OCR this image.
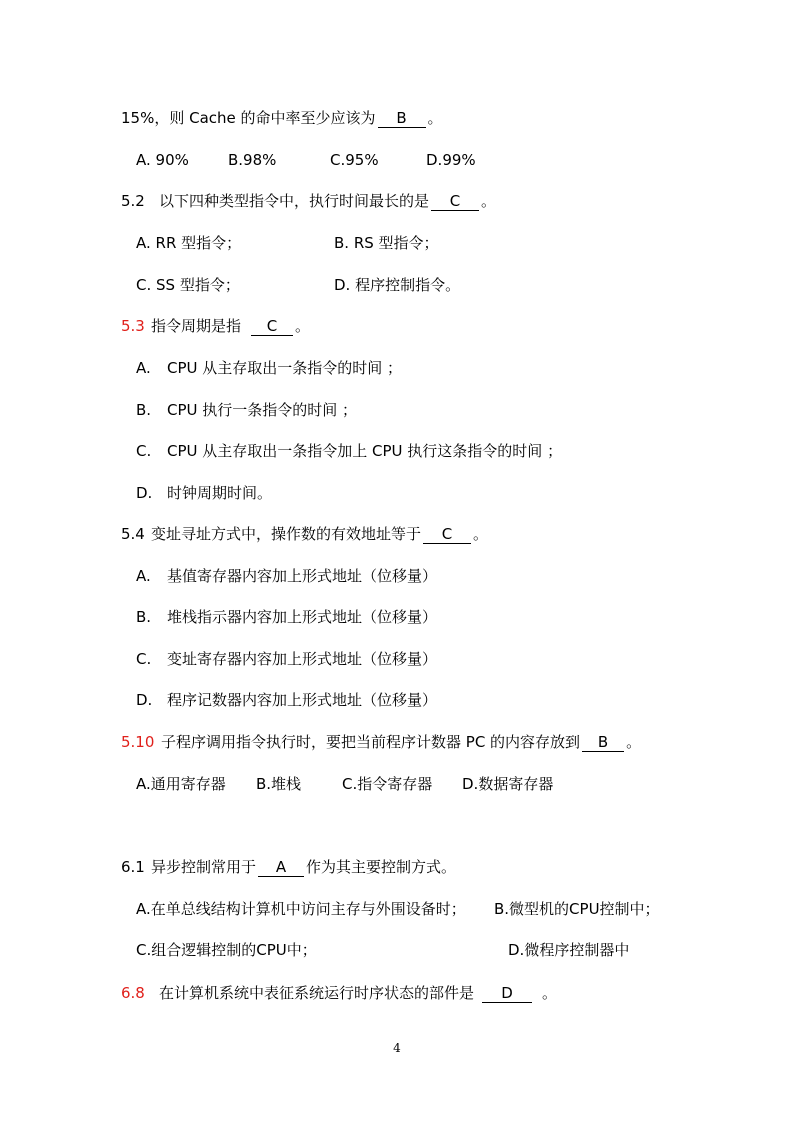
15%，则 Cache 的命中率至少应该为 B 。
A. 90%	B.98%	C.95%	D.99%
5.2 以下四种类型指令中，执行时间最长的是 C 。
A. RR 型指令；	B. RS 型指令；
C. SS 型指令；	D. 程序控制指令。
5.3 指令周期是指 C 。
A. CPU 从主存取出一条指令的时间 ；
B. CPU 执行一条指令的时间 ；
C. CPU 从主存取出一条指令加上 CPU 执行这条指令的时间 ；
D. 时钟周期时间。
5.4 变址寻址方式中，操作数的有效地址等于 C 。
A. 基值寄存器内容加上形式地址（位移量）
B. 堆栈指示器内容加上形式地址（位移量）
C. 变址寄存器内容加上形式地址（位移量）
D. 程序记数器内容加上形式地址（位移量）
5.10 子程序调用指令执行时，要把当前程序计数器 PC 的内容存放到 B 。
A.通用寄存器 B.堆栈	C.指令寄存器 D.数据寄存器
6.1 异步控制常用于 A 作为其主要控制方式。
A.在单总线结构计算机中访问主存与外围设备时； B.微型机的CPU控制中；
C.组合逻辑控制的CPU中；	D.微程序控制器中
6.8 在计算机系统中表征系统运行时序状态的部件是 D 。
4
